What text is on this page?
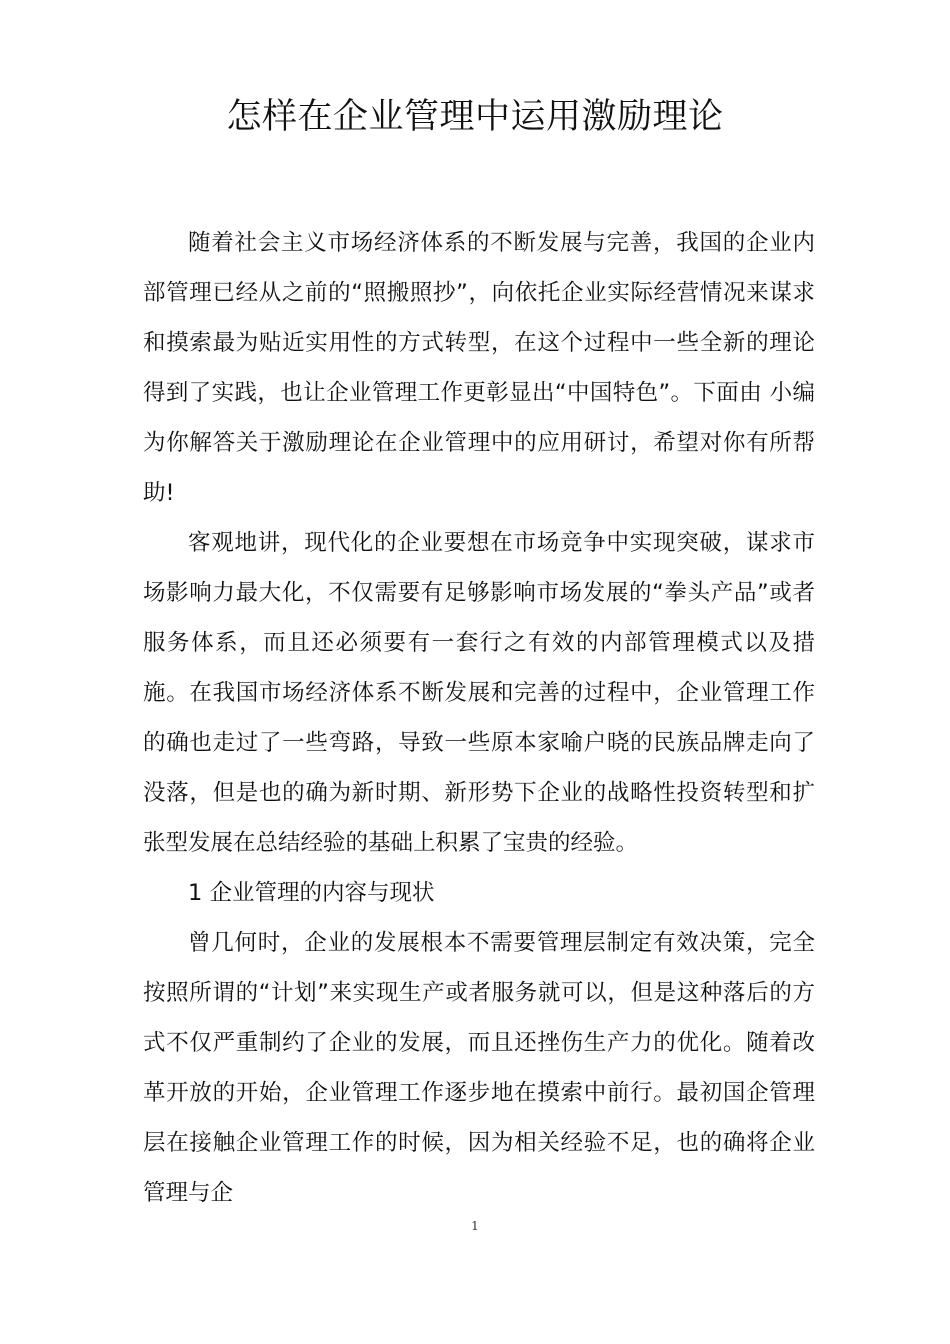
怎样在企业管理中运用激励理论

随着社会主义市场经济体系的不断发展与完善，我国的企业内部管理已经从之前的“照搬照抄”，向依托企业实际经营情况来谋求和摸索最为贴近实用性的方式转型，在这个过程中一些全新的理论得到了实践，也让企业管理工作更彰显出“中国特色”。下面由 小编为你解答关于激励理论在企业管理中的应用研讨，希望对你有所帮助!

客观地讲，现代化的企业要想在市场竞争中实现突破，谋求市场影响力最大化，不仅需要有足够影响市场发展的“拳头产品”或者服务体系，而且还必须要有一套行之有效的内部管理模式以及措施。在我国市场经济体系不断发展和完善的过程中，企业管理工作的确也走过了一些弯路，导致一些原本家喻户晓的民族品牌走向了没落，但是也的确为新时期、新形势下企业的战略性投资转型和扩张型发展在总结经验的基础上积累了宝贵的经验。

1 企业管理的内容与现状

曾几何时，企业的发展根本不需要管理层制定有效决策，完全按照所谓的“计划”来实现生产或者服务就可以，但是这种落后的方式不仅严重制约了企业的发展，而且还挫伤生产力的优化。随着改革开放的开始，企业管理工作逐步地在摸索中前行。最初国企管理层在接触企业管理工作的时候，因为相关经验不足，也的确将企业管理与企

1
